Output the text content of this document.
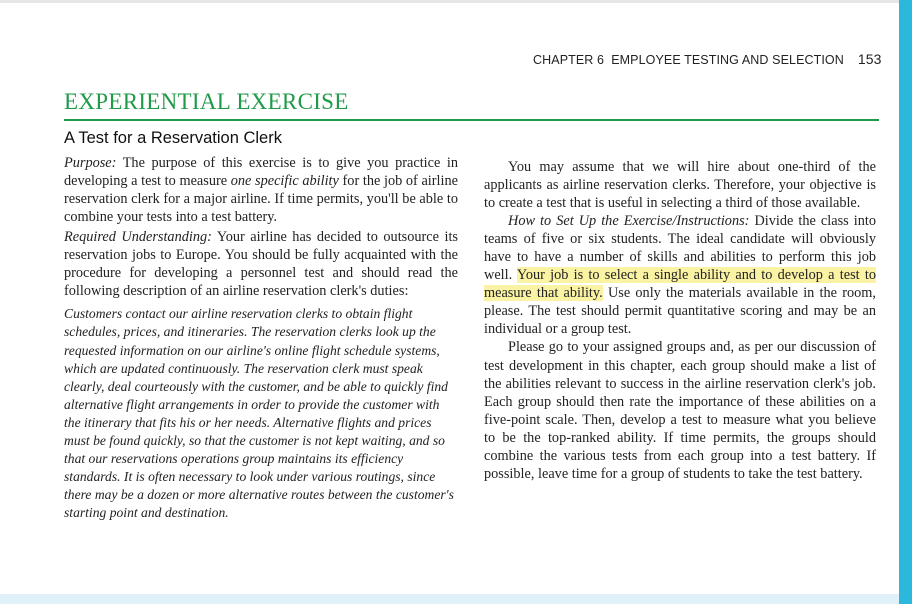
CHAPTER 6  EMPLOYEE TESTING AND SELECTION 153
EXPERIENTIAL EXERCISE
A Test for a Reservation Clerk

Purpose: The purpose of this exercise is to give you practice in developing a test to measure one specific ability for the job of airline reservation clerk for a major airline. If time permits, you'll be able to combine your tests into a test battery.

Required Understanding: Your airline has decided to outsource its reservation jobs to Europe. You should be fully acquainted with the procedure for developing a personnel test and should read the following description of an airline reservation clerk's duties:

Customers contact our airline reservation clerks to obtain flight schedules, prices, and itineraries. The reservation clerks look up the requested information on our airline's online flight schedule systems, which are updated continuously. The reservation clerk must speak clearly, deal courteously with the customer, and be able to quickly find alternative flight arrangements in order to provide the customer with the itinerary that fits his or her needs. Alternative flights and prices must be found quickly, so that the customer is not kept waiting, and so that our reservations operations group maintains its efficiency standards. It is often necessary to look under various routings, since there may be a dozen or more alternative routes between the customer's starting point and destination.

You may assume that we will hire about one-third of the applicants as airline reservation clerks. Therefore, your objective is to create a test that is useful in selecting a third of those available.

How to Set Up the Exercise/Instructions: Divide the class into teams of five or six students. The ideal candidate will obviously have to have a number of skills and abilities to perform this job well. Your job is to select a single ability and to develop a test to measure that ability. Use only the materials available in the room, please. The test should permit quantitative scoring and may be an individual or a group test.

Please go to your assigned groups and, as per our discussion of test development in this chapter, each group should make a list of the abilities relevant to success in the airline reservation clerk's job. Each group should then rate the importance of these abilities on a five-point scale. Then, develop a test to measure what you believe to be the top-ranked ability. If time permits, the groups should combine the various tests from each group into a test battery. If possible, leave time for a group of students to take the test battery.
